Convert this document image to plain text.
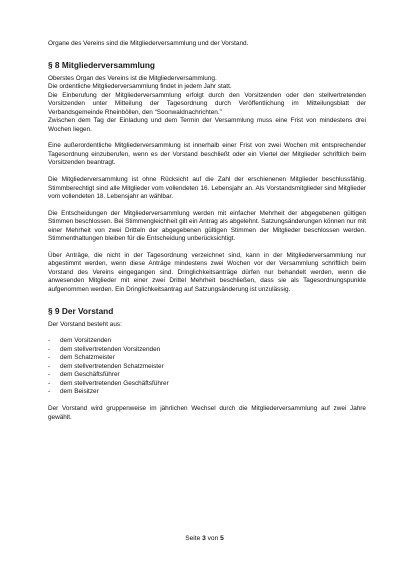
Organe des Vereins sind die Mitgliederversammlung und der Vorstand.

§ 8 Mitgliederversammlung

Oberstes Organ des Vereins ist die Mitgliederversammlung.

Die ordentliche Mitgliederversammlung findet in jedem Jahr statt.

Die Einberufung der Mitgliederversammlung erfolgt durch den Vorsitzenden oder den stellvertretenden Vorsitzenden unter Mitteilung der Tagesordnung durch Veröffentlichung im Mitteilungsblatt der Verbandsgemeinde Rheinböllen, den “Soonwaldnachrichten.”

Zwischen dem Tag der Einladung und dem Termin der Versammlung muss eine Frist von mindestens drei Wochen liegen.

Eine außerordentliche Mitgliederversammlung ist innerhalb einer Frist von zwei Wochen mit entsprechender Tagesordnung einzuberufen, wenn es der Vorstand beschließt oder ein Viertel der Mitglieder schriftlich beim Vorsitzenden beantragt.

Die Mitgliederversammlung ist ohne Rücksicht auf die Zahl der erschienenen Mitglieder beschlussfähig. Stimmberechtigt sind alle Mitglieder vom vollendeten 16. Lebensjahr an. Als Vorstandsmitglieder sind Mitglieder vom vollendeten 18. Lebensjahr an wählbar.

Die Entscheidungen der Mitgliederversammlung werden mit einfacher Mehrheit der abgegebenen gültigen Stimmen beschlossen. Bei Stimmengleichheit gilt ein Antrag als abgelehnt. Satzungsänderungen können nur mit einer Mehrheit von zwei Dritteln der abgegebenen gültigen Stimmen der Mitglieder beschlossen werden. Stimmenthaltungen bleiben für die Entscheidung unberücksichtigt.

Über Anträge, die nicht in der Tagesordnung verzeichnet sind, kann in der Mitgliederversammlung nur abgestimmt werden, wenn diese Anträge mindestens zwei Wochen vor der Versammlung schriftlich beim Vorstand des Vereins eingegangen sind. Dringlichkeitsanträge dürfen nur behandelt werden, wenn die anwesenden Mitglieder mit einer zwei Drittel Mehrheit beschließen, dass sie als Tagesordnungspunkte aufgenommen werden. Ein Dringlichkeitsantrag auf Satzungsänderung ist unzulässig.

§ 9 Der Vorstand

Der Vorstand besteht aus:

- dem Vorsitzenden
- dem stellvertretenden Vorsitzenden
- dem Schatzmeister
- dem stellvertretenden Schatzmeister
- dem Geschäftsführer
- dem stellvertretenden Geschäftsführer
- dem Beisitzer

Der Vorstand wird gruppenweise im jährlichen Wechsel durch die Mitgliederversammlung auf zwei Jahre gewählt.

Seite 3 von 5
